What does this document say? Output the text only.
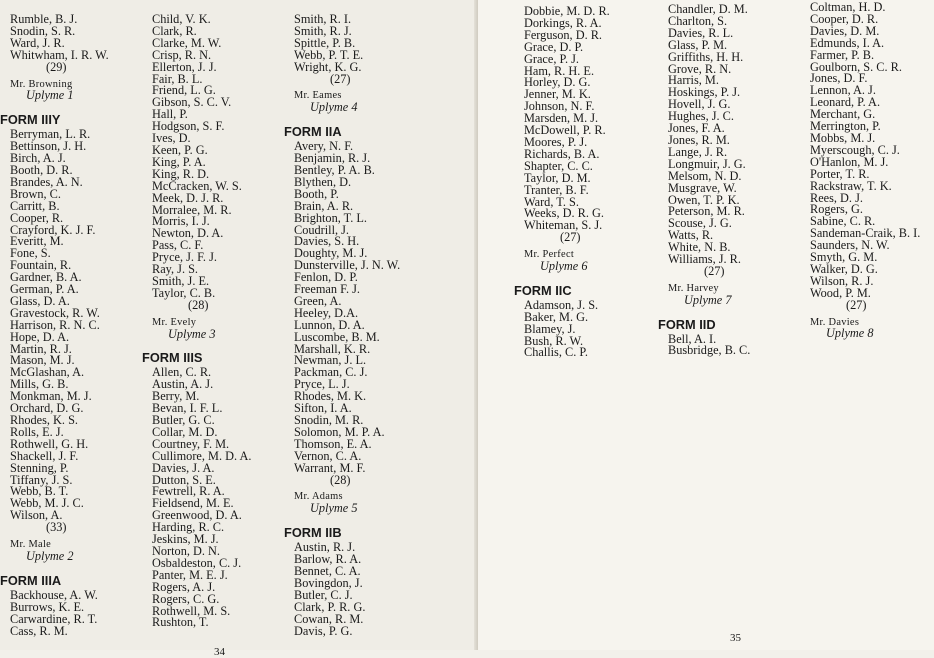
Rumble, B. J.
Snodin, S. R.
Ward, J. R.
Whitwham, I. R. W.
(29)
Mr. Browning
Uplyme 1
FORM IIIY
Berryman, L. R.
Bettinson, J. H.
Birch, A. J.
Booth, D. R.
Brandes, A. N.
Brown, C.
Carritt, B.
Cooper, R.
Crayford, K. J. F.
Everitt, M.
Fone, S.
Fountain, R.
Gardner, B. A.
German, P. A.
Glass, D. A.
Gravestock, R. W.
Harrison, R. N. C.
Hope, D. A.
Martin, R. J.
Mason, M. J.
McGlashan, A.
Mills, G. B.
Monkman, M. J.
Orchard, D. G.
Rhodes, K. S.
Rolls, E. J.
Rothwell, G. H.
Shackell, J. F.
Stenning, P.
Tiffany, J. S.
Webb, B. T.
Webb, M. J. C.
Wilson, A.
(33)
Mr. Male
Uplyme 2
FORM IIIA
Backhouse, A. W.
Burrows, K. E.
Carwardine, R. T.
Cass, R. M.
Child, V. K.
Clark, R.
Clarke, M. W.
Crisp, R. N.
Ellerton, J. J.
Fair, B. L.
Friend, L. G.
Gibson, S. C. V.
Hall, P.
Hodgson, S. F.
Ives, D.
Keen, P. G.
King, P. A.
King, R. D.
McCracken, W. S.
Meek, D. J. R.
Morralee, M. R.
Morris, I. J.
Newton, D. A.
Pass, C. F.
Pryce, J. F. J.
Ray, J. S.
Smith, J. E.
Taylor, C. B.
(28)
Mr. Evely
Uplyme 3
FORM IIIS
Allen, C. R.
Austin, A. J.
Berry, M.
Bevan, I. F. L.
Butler, G. C.
Collar, M. D.
Courtney, F. M.
Cullimore, M. D. A.
Davies, J. A.
Dutton, S. E.
Fewtrell, R. A.
Fieldsend, M. E.
Greenwood, D. A.
Harding, R. C.
Jeskins, M. J.
Norton, D. N.
Osbaldeston, C. J.
Panter, M. E. J.
Rogers, A. J.
Rogers, C. G.
Rothwell, M. S.
Rushton, T.
Smith, R. I.
Smith, R. J.
Spittle, P. B.
Webb, P. T. E.
Wright, K. G.
(27)
Mr. Eames
Uplyme 4
FORM IIA
Avery, N. F.
Benjamin, R. J.
Bentley, P. A. B.
Blythen, D.
Booth, P.
Brain, A. R.
Brighton, T. L.
Coudrill, J.
Davies, S. H.
Doughty, M. J.
Dunsterville, J. N. W.
Fenlon, D. P.
Freeman F. J.
Green, A.
Heeley, D.A.
Lunnon, D. A.
Luscombe, B. M.
Marshall, K. R.
Newman, J. L.
Packman, C. J.
Pryce, L. J.
Rhodes, M. K.
Sifton, I. A.
Snodin, M. R.
Solomon, M. P. A.
Thomson, E. A.
Vernon, C. A.
Warrant, M. F.
(28)
Mr. Adams
Uplyme 5
FORM IIB
Austin, R. J.
Barlow, R. A.
Bennet, C. A.
Bovingdon, J.
Butler, C. J.
Clark, P. R. G.
Cowan, R. M.
Davis, P. G.
34
Dobbie, M. D. R.
Dorkings, R. A.
Ferguson, D. R.
Grace, D. P.
Grace, P. J.
Ham, R. H. E.
Horley, D. G.
Jenner, M. K.
Johnson, N. F.
Marsden, M. J.
McDowell, P. R.
Moores, P. J.
Richards, B. A.
Shapter, C. C.
Taylor, D. M.
Tranter, B. F.
Ward, T. S.
Weeks, D. R. G.
Whiteman, S. J.
(27)
Mr. Perfect
Uplyme 6
FORM IIC
Adamson, J. S.
Baker, M. G.
Blamey, J.
Bush, R. W.
Challis, C. P.
Chandler, D. M.
Charlton, S.
Davies, R. L.
Glass, P. M.
Griffiths, H. H.
Grove, R. N.
Harris, M.
Hoskings, P. J.
Hovell, J. G.
Hughes, J. C.
Jones, F. A.
Jones, R. M.
Lange, J. R.
Longmuir, J. G.
Melsom, N. D.
Musgrave, W.
Owen, T. P. K.
Peterson, M. R.
Scouse, J. G.
Watts, R.
White, N. B.
Williams, J. R.
(27)
Mr. Harvey
Uplyme 7
FORM IID
Bell, A. I.
Busbridge, B. C.
Coltman, H. D.
Cooper, D. R.
Davies, D. M.
Edmunds, I. A.
Farmer, P. B.
Goulborn, S. C. R.
Jones, D. F.
Lennon, A. J.
Leonard, P. A.
Merchant, G.
Merrington, P.
Mobbs, M. J.
Myerscough, C. J.
O'Hanlon, M. J.
Porter, T. R.
Rackstraw, T. K.
Rees, D. J.
Rogers, G.
Sabine, C. R.
Sandeman-Craik, B. I.
Saunders, N. W.
Smyth, G. M.
Walker, D. G.
Wilson, R. J.
Wood, P. M.
(27)
Mr. Davies
Uplyme 8
35
